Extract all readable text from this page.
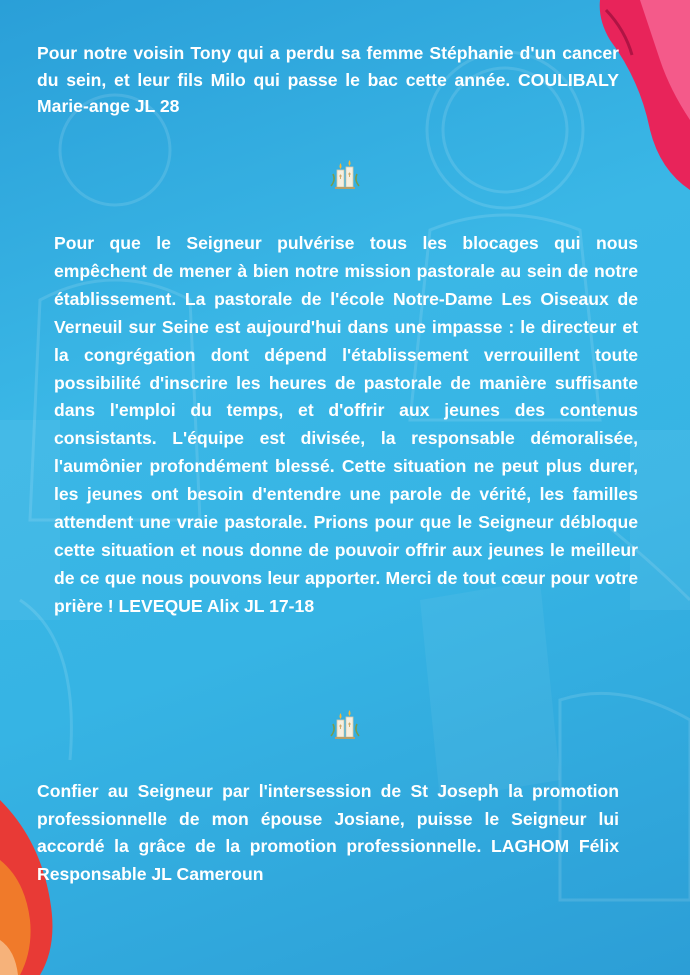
Pour notre voisin Tony qui a perdu sa femme Stéphanie d'un cancer du sein, et leur fils Milo qui passe le bac cette année. COULIBALY Marie-ange JL 28

Pour que le Seigneur pulvérise tous les blocages qui nous empêchent de mener à bien notre mission pastorale au sein de notre établissement. La pastorale de l'école Notre-Dame Les Oiseaux de Verneuil sur Seine est aujourd'hui dans une impasse : le directeur et la congrégation dont dépend l'établissement verrouillent toute possibilité d'inscrire les heures de pastorale de manière suffisante dans l'emploi du temps, et d'offrir aux jeunes des contenus consistants. L'équipe est divisée, la responsable démoralisée, l'aumônier profondément blessé. Cette situation ne peut plus durer, les jeunes ont besoin d'entendre une parole de vérité, les familles attendent une vraie pastorale. Prions pour que le Seigneur débloque cette situation et nous donne de pouvoir offrir aux jeunes le meilleur de ce que nous pouvons leur apporter. Merci de tout cœur pour votre prière ! LEVEQUE Alix JL 17-18

Confier au Seigneur par l'intersession de St Joseph la promotion professionnelle de mon épouse Josiane, puisse le Seigneur lui accordé la grâce de la promotion professionnelle. LAGHOM Félix Responsable JL Cameroun
